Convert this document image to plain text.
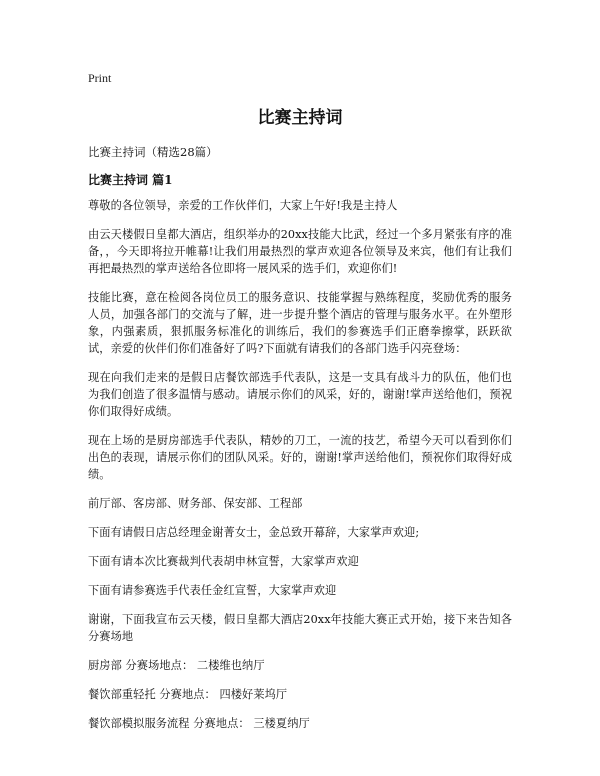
Print
比赛主持词
比赛主持词（精选28篇）
比赛主持词 篇1

尊敬的各位领导，亲爱的工作伙伴们，大家上午好!我是主持人

由云天楼假日皇都大酒店，组织举办的20xx技能大比武，经过一个多月紧张有序的准备，，今天即将拉开帷幕!让我们用最热烈的掌声欢迎各位领导及来宾，他们有让我们再把最热烈的掌声送给各位即将一展风采的选手们，欢迎你们!

技能比赛，意在检阅各岗位员工的服务意识、技能掌握与熟练程度，奖励优秀的服务人员，加强各部门的交流与了解，进一步提升整个酒店的管理与服务水平。在外塑形象，内强素质，狠抓服务标准化的训练后，我们的参赛选手们正磨拳擦掌，跃跃欲试，亲爱的伙伴们你们准备好了吗?下面就有请我们的各部门选手闪亮登场：

现在向我们走来的是假日店餐饮部选手代表队，这是一支具有战斗力的队伍，他们也为我们创造了很多温情与感动。请展示你们的风采，好的，谢谢!掌声送给他们，预祝你们取得好成绩。

现在上场的是厨房部选手代表队，精妙的刀工，一流的技艺，希望今天可以看到你们出色的表现，请展示你们的团队风采。好的，谢谢!掌声送给他们，预祝你们取得好成绩。

前厅部、客房部、财务部、保安部、工程部

下面有请假日店总经理金谢菁女士，金总致开幕辞，大家掌声欢迎;

下面有请本次比赛裁判代表胡申林宣誓，大家掌声欢迎

下面有请参赛选手代表任金红宣誓，大家掌声欢迎

谢谢，下面我宣布云天楼，假日皇都大酒店20xx年技能大赛正式开始，接下来告知各分赛场地

厨房部 分赛场地点： 二楼维也纳厅

餐饮部重轻托 分赛地点： 四楼好莱坞厅

餐饮部模拟服务流程 分赛地点： 三楼夏纳厅
